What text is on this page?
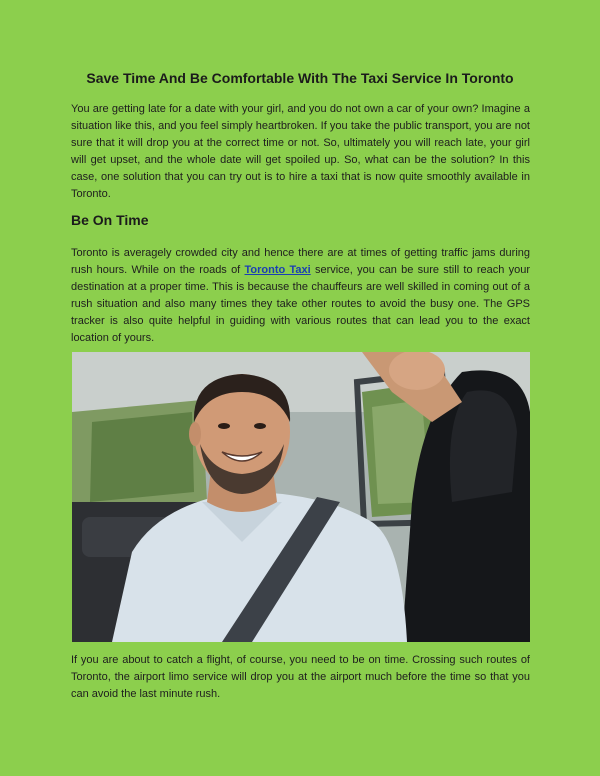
Save Time And Be Comfortable With The Taxi Service In Toronto

You are getting late for a date with your girl, and you do not own a car of your own? Imagine a situation like this, and you feel simply heartbroken. If you take the public transport, you are not sure that it will drop you at the correct time or not. So, ultimately you will reach late, your girl will get upset, and the whole date will get spoiled up. So, what can be the solution? In this case, one solution that you can try out is to hire a taxi that is now quite smoothly available in Toronto.

Be On Time

Toronto is averagely crowded city and hence there are at times of getting traffic jams during rush hours. While on the roads of Toronto Taxi service, you can be sure still to reach your destination at a proper time. This is because the chauffeurs are well skilled in coming out of a rush situation and also many times they take other routes to avoid the busy one. The GPS tracker is also quite helpful in guiding with various routes that can lead you to the exact location of yours.

If you are about to catch a flight, of course, you need to be on time. Crossing such routes of Toronto, the airport limo service will drop you at the airport much before the time so that you can avoid the last minute rush.
